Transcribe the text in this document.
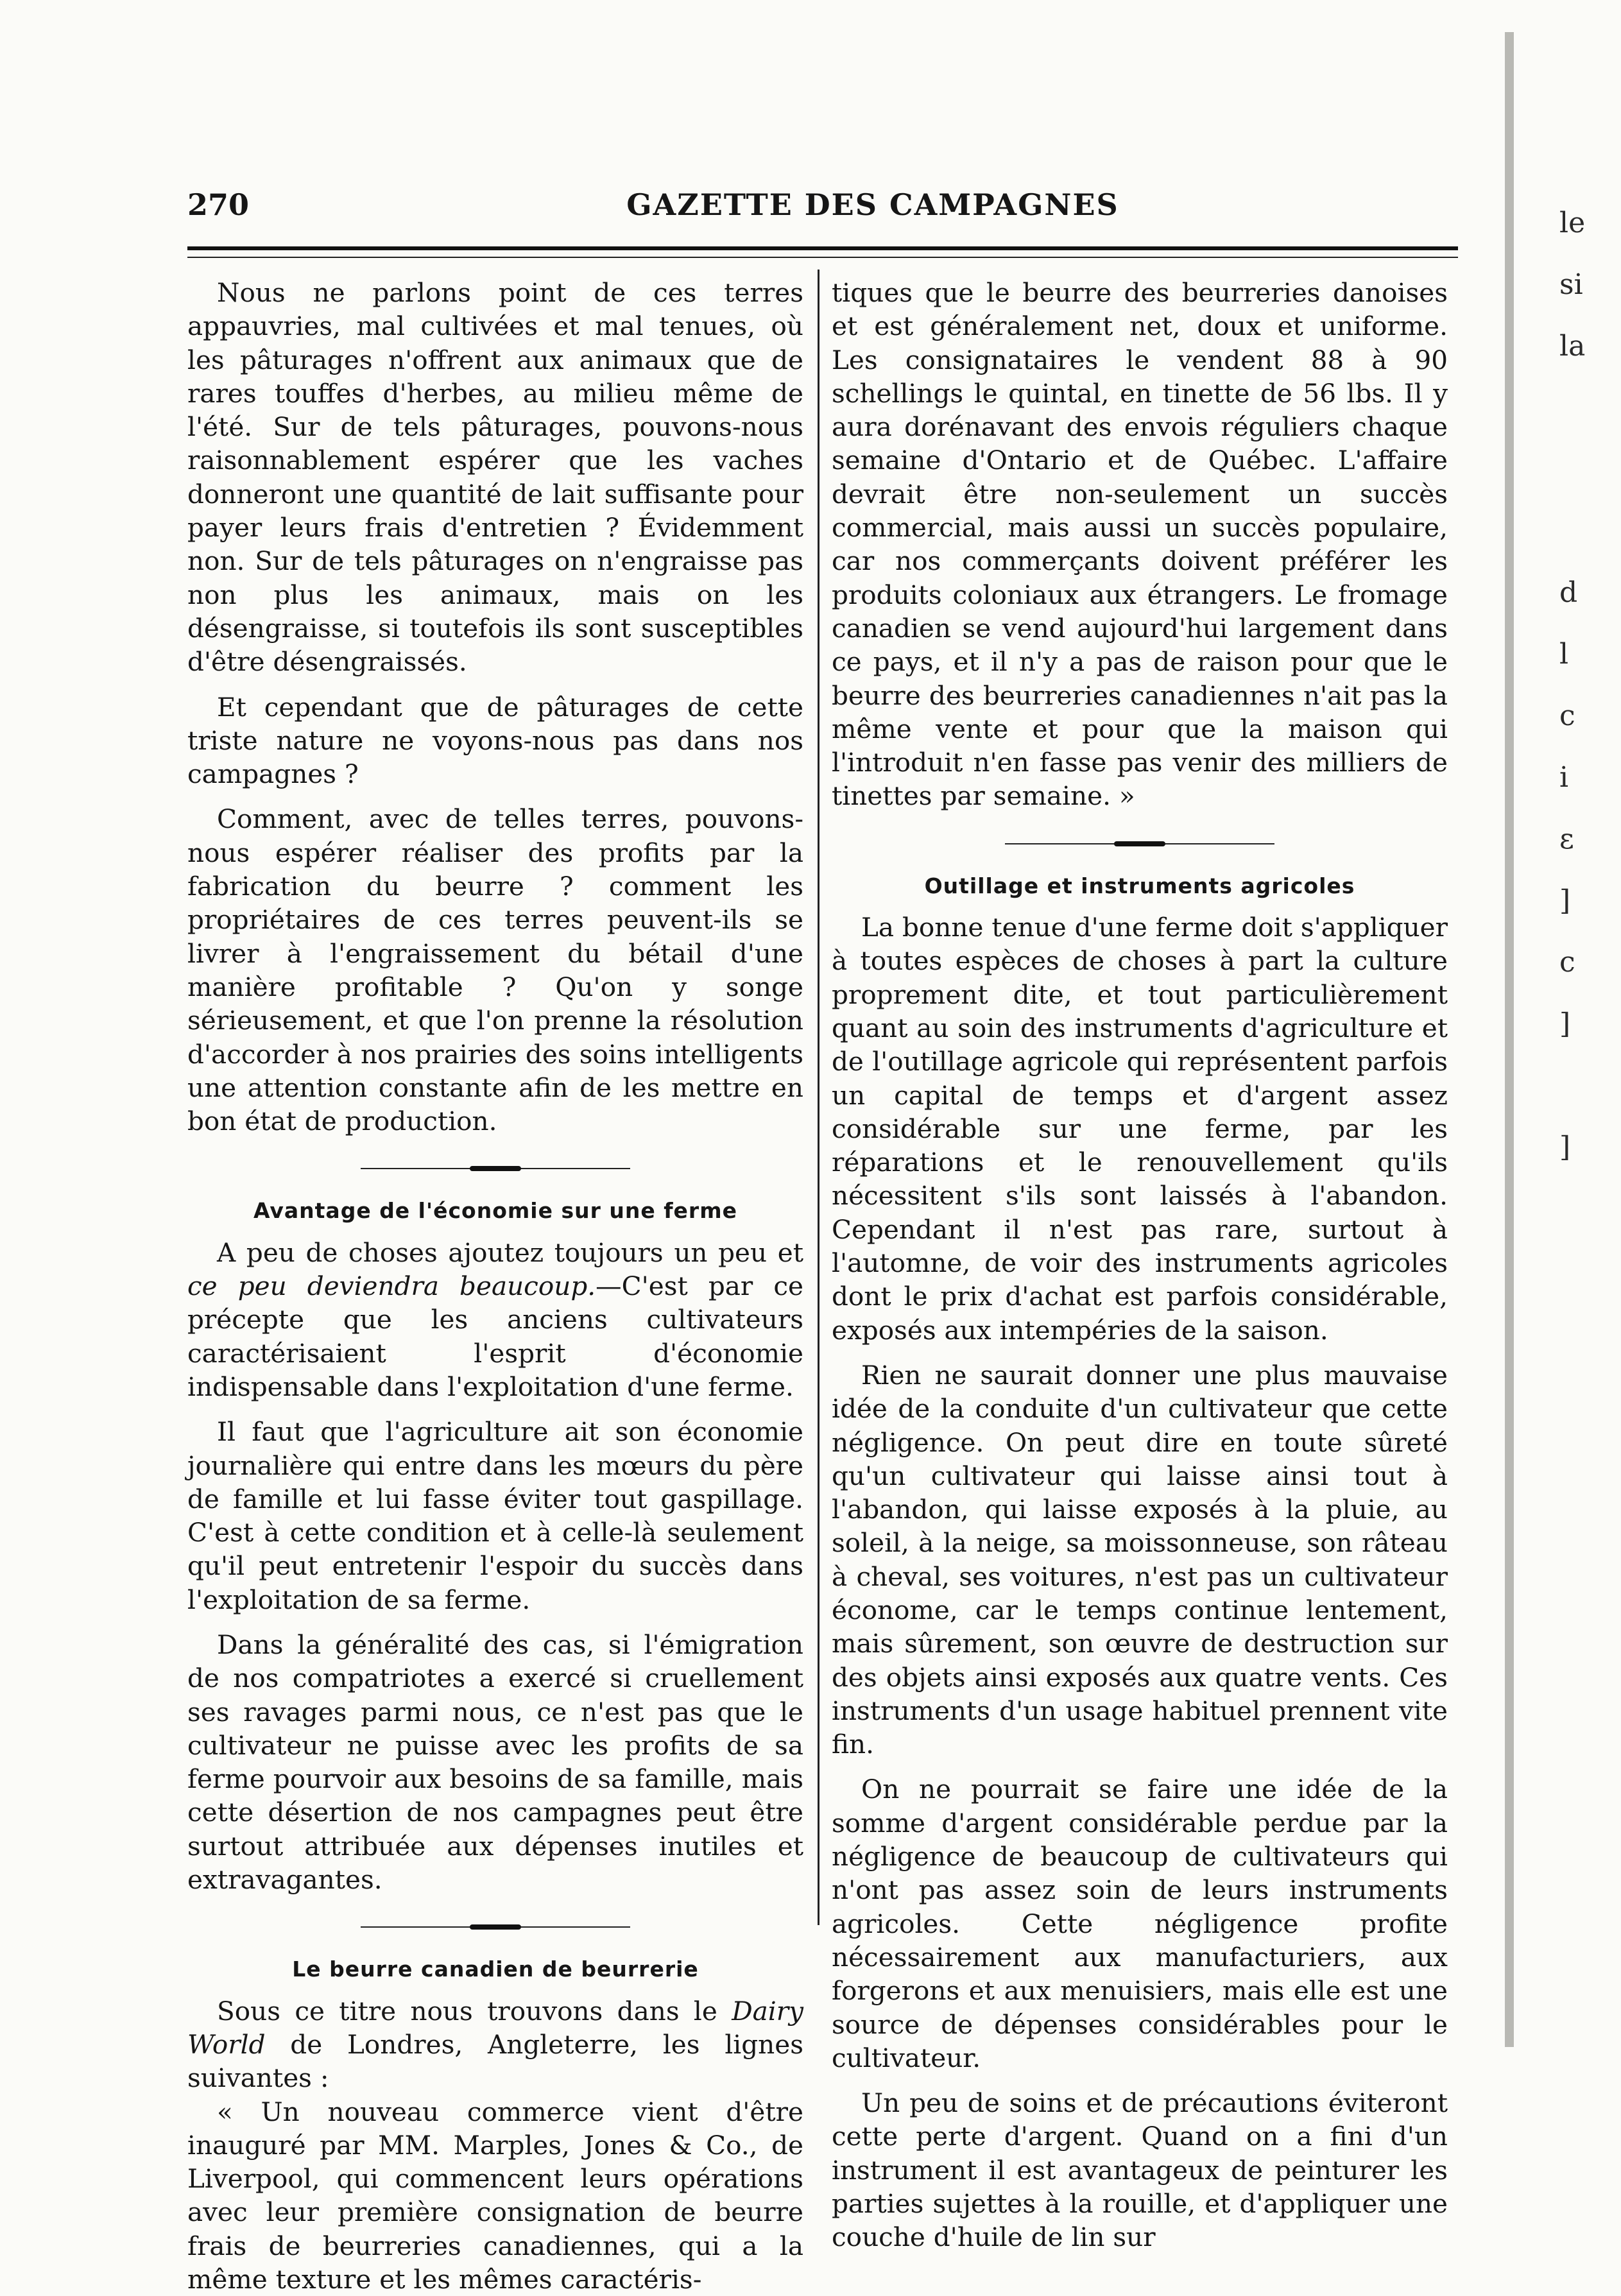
270	GAZETTE DES CAMPAGNES

Nous ne parlons point de ces terres appauvries, mal cultivées et mal tenues, où les pâturages n'offrent aux animaux que de rares touffes d'herbes, au milieu même de l'été. Sur de tels pâturages, pouvons-nous raisonnablement espérer que les vaches donneront une quantité de lait suffisante pour payer leurs frais d'entretien ? Évidemment non. Sur de tels pâturages on n'engraisse pas non plus les animaux, mais on les désengraisse, si toutefois ils sont susceptibles d'être désengraissés.

Et cependant que de pâturages de cette triste nature ne voyons-nous pas dans nos campagnes ?

Comment, avec de telles terres, pouvons-nous espérer réaliser des profits par la fabrication du beurre ? comment les propriétaires de ces terres peuvent-ils se livrer à l'engraissement du bétail d'une manière profitable ? Qu'on y songe sérieusement, et que l'on prenne la résolution d'accorder à nos prairies des soins intelligents une attention constante afin de les mettre en bon état de production.

Avantage de l'économie sur une ferme

A peu de choses ajoutez toujours un peu et ce peu deviendra beaucoup.—C'est par ce précepte que les anciens cultivateurs caractérisaient l'esprit d'économie indispensable dans l'exploitation d'une ferme.

Il faut que l'agriculture ait son économie journalière qui entre dans les mœurs du père de famille et lui fasse éviter tout gaspillage. C'est à cette condition et à celle-là seulement qu'il peut entretenir l'espoir du succès dans l'exploitation de sa ferme.

Dans la généralité des cas, si l'émigration de nos compatriotes a exercé si cruellement ses ravages parmi nous, ce n'est pas que le cultivateur ne puisse avec les profits de sa ferme pourvoir aux besoins de sa famille, mais cette désertion de nos campagnes peut être surtout attribuée aux dépenses inutiles et extravagantes.

Le beurre canadien de beurrerie

Sous ce titre nous trouvons dans le Dairy World de Londres, Angleterre, les lignes suivantes :

« Un nouveau commerce vient d'être inauguré par MM. Marples, Jones & Co., de Liverpool, qui commencent leurs opérations avec leur première consignation de beurre frais de beurreries canadiennes, qui a la même texture et les mêmes caractéris-

tiques que le beurre des beurreries danoises et est généralement net, doux et uniforme. Les consignataires le vendent 88 à 90 schellings le quintal, en tinette de 56 lbs. Il y aura dorénavant des envois réguliers chaque semaine d'Ontario et de Québec. L'affaire devrait être non-seulement un succès commercial, mais aussi un succès populaire, car nos commerçants doivent préférer les produits coloniaux aux étrangers. Le fromage canadien se vend aujourd'hui largement dans ce pays, et il n'y a pas de raison pour que le beurre des beurreries canadiennes n'ait pas la même vente et pour que la maison qui l'introduit n'en fasse pas venir des milliers de tinettes par semaine. »

Outillage et instruments agricoles

La bonne tenue d'une ferme doit s'appliquer à toutes espèces de choses à part la culture proprement dite, et tout particulièrement quant au soin des instruments d'agriculture et de l'outillage agricole qui représentent parfois un capital de temps et d'argent assez considérable sur une ferme, par les réparations et le renouvellement qu'ils nécessitent s'ils sont laissés à l'abandon. Cependant il n'est pas rare, surtout à l'automne, de voir des instruments agricoles dont le prix d'achat est parfois considérable, exposés aux intempéries de la saison.

Rien ne saurait donner une plus mauvaise idée de la conduite d'un cultivateur que cette négligence. On peut dire en toute sûreté qu'un cultivateur qui laisse ainsi tout à l'abandon, qui laisse exposés à la pluie, au soleil, à la neige, sa moissonneuse, son râteau à cheval, ses voitures, n'est pas un cultivateur économe, car le temps continue lentement, mais sûrement, son œuvre de destruction sur des objets ainsi exposés aux quatre vents. Ces instruments d'un usage habituel prennent vite fin.

On ne pourrait se faire une idée de la somme d'argent considérable perdue par la négligence de beaucoup de cultivateurs qui n'ont pas assez soin de leurs instruments agricoles. Cette négligence profite nécessairement aux manufacturiers, aux forgerons et aux menuisiers, mais elle est une source de dépenses considérables pour le cultivateur.

Un peu de soins et de précautions éviteront cette perte d'argent. Quand on a fini d'un instrument il est avantageux de peinturer les parties sujettes à la rouille, et d'appliquer une couche d'huile de lin sur

le
si
la

d
l
c
i
ε
]
c
]

]
